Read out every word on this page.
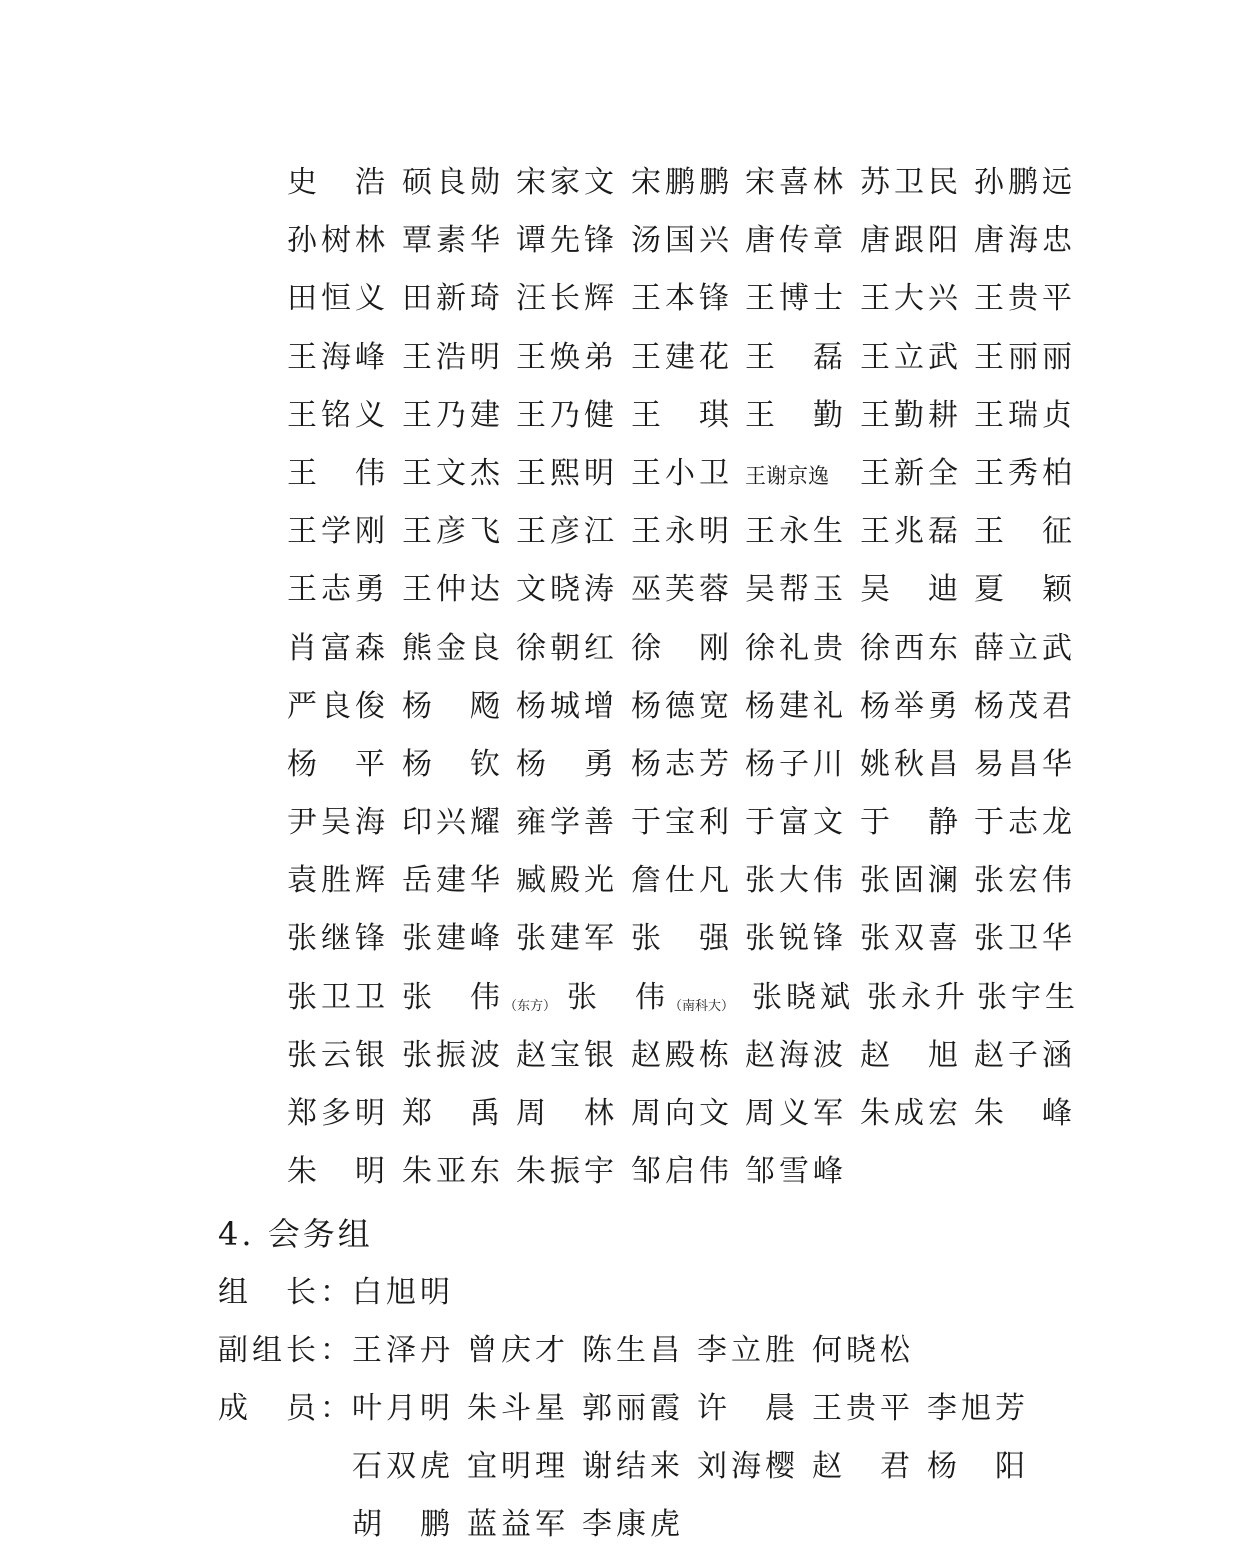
史　浩 硕良勋 宋家文 宋鹏鹏 宋喜林 苏卫民 孙鹏远
孙树林 覃素华 谭先锋 汤国兴 唐传章 唐跟阳 唐海忠
田恒义 田新琦 汪长辉 王本锋 王博士 王大兴 王贵平
王海峰 王浩明 王焕弟 王建花 王　磊 王立武 王丽丽
王铭义 王乃建 王乃健 王　琪 王　勤 王勤耕 王瑞贞
王　伟 王文杰 王熙明 王小卫 王谢京逸	王新全 王秀柏
王学刚 王彦飞 王彦江 王永明 王永生 王兆磊 王　征
王志勇 王仲达 文晓涛 巫芙蓉 吴帮玉 吴　迪 夏　颖
肖富森 熊金良 徐朝红 徐　刚 徐礼贵 徐西东 薛立武
严良俊 杨　飏 杨城增 杨德宽 杨建礼 杨举勇 杨茂君
杨　平 杨　钦 杨　勇 杨志芳 杨子川 姚秋昌 易昌华
尹吴海 印兴耀 雍学善 于宝利 于富文 于　静 于志龙
袁胜辉 岳建华 臧殿光 詹仕凡 张大伟 张固澜 张宏伟
张继锋 张建峰 张建军 张　强 张锐锋 张双喜 张卫华
张卫卫 张　伟（东方） 张　伟（南科大） 张晓斌 张永升 张宇生
张云银 张振波 赵宝银 赵殿栋 赵海波 赵　旭 赵子涵
郑多明 郑　禹 周　林 周向文 周义军 朱成宏 朱　峰
朱　明 朱亚东 朱振宇 邹启伟 邹雪峰
4. 会务组
组　长：白旭明
副组长：
王泽丹 曾庆才 陈生昌 李立胜 何晓松
成　员：
叶月明 朱斗星 郭丽霞 许　晨 王贵平 李旭芳
石双虎 宜明理 谢结来 刘海樱 赵　君 杨　阳
胡　鹏 蓝益军 李康虎
